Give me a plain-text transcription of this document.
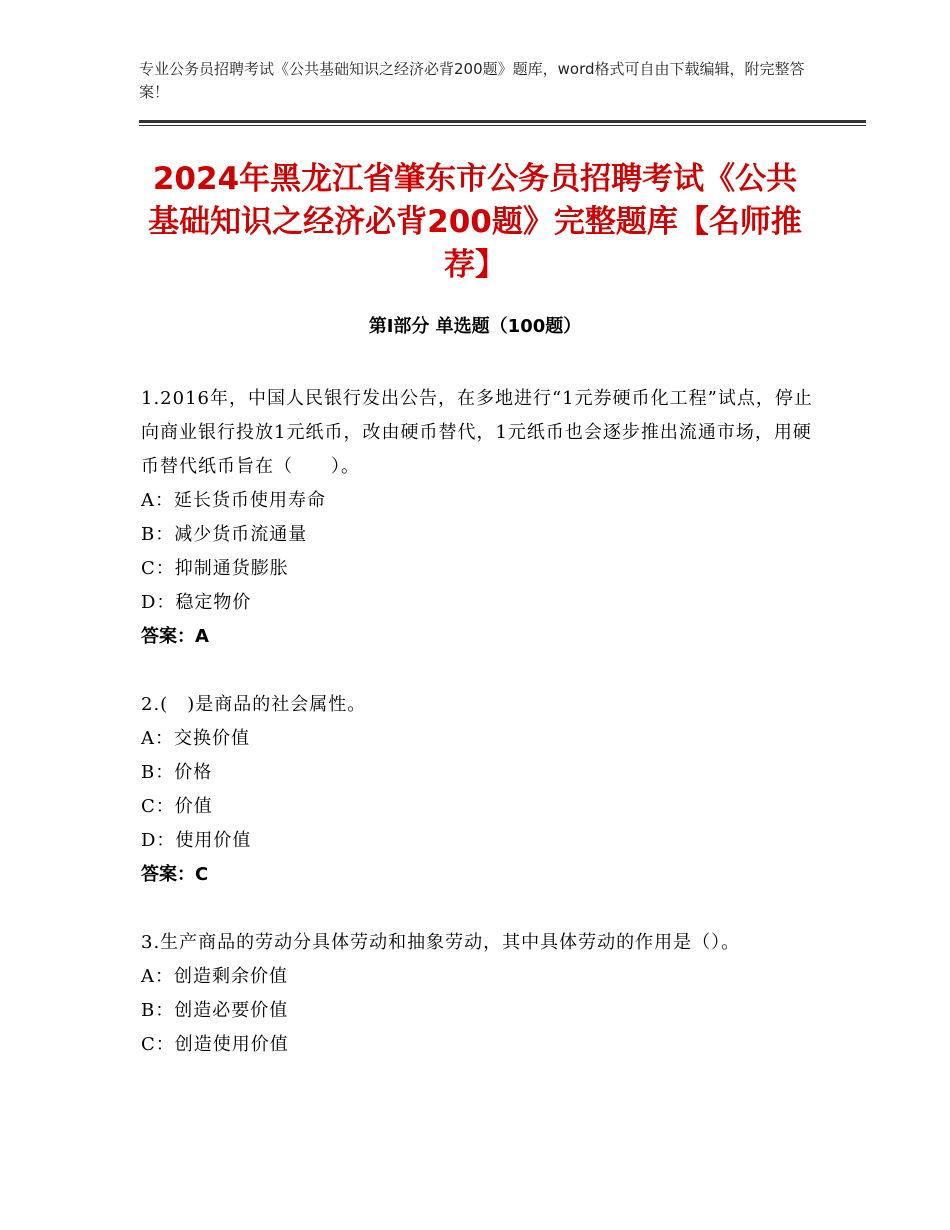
专业公务员招聘考试《公共基础知识之经济必背200题》题库，word格式可自由下载编辑，附完整答案！
2024年黑龙江省肇东市公务员招聘考试《公共基础知识之经济必背200题》完整题库【名师推荐】
第Ⅰ部分 单选题（100题）
1.2016年，中国人民银行发出公告，在多地进行“1元券硬币化工程”试点，停止向商业银行投放1元纸币，改由硬币替代，1元纸币也会逐步推出流通市场，用硬币替代纸币旨在（　　）。
A：延长货币使用寿命
B：减少货币流通量
C：抑制通货膨胀
D：稳定物价
答案：A
2.(　)是商品的社会属性。
A：交换价值
B：价格
C：价值
D：使用价值
答案：C
3.生产商品的劳动分具体劳动和抽象劳动，其中具体劳动的作用是（）。
A：创造剩余价值
B：创造必要价值
C：创造使用价值
